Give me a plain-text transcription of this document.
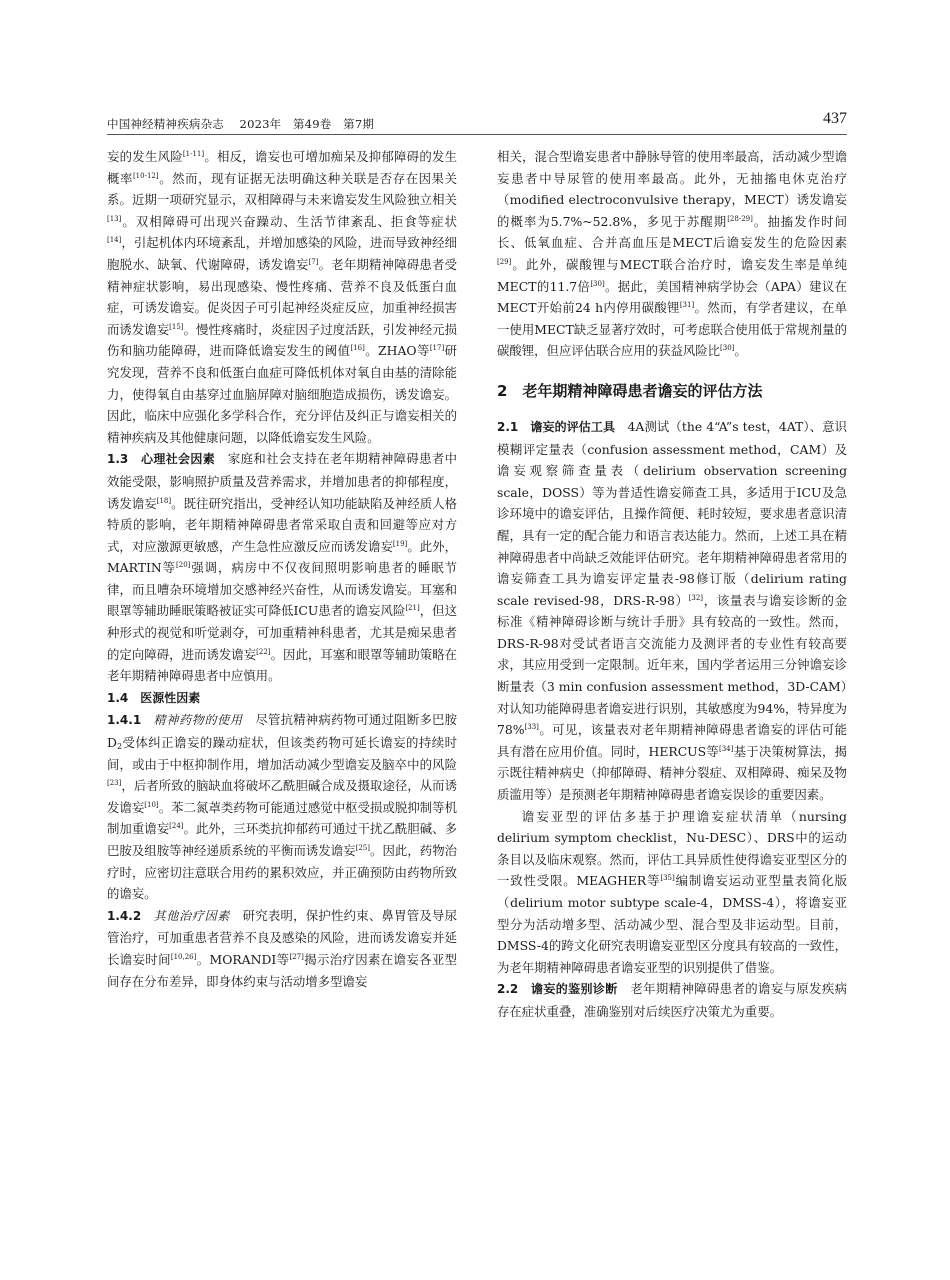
中国神经精神疾病杂志　 2023年　第49卷　第7期	437

妄的发生风险[1-11]。相反，谵妄也可增加痴呆及抑郁障碍的发生概率[10-12]。然而，现有证据无法明确这种关联是否存在因果关系。近期一项研究显示，双相障碍与未来谵妄发生风险独立相关[13]。双相障碍可出现兴奋躁动、生活节律紊乱、拒食等症状[14]，引起机体内环境紊乱，并增加感染的风险，进而导致神经细胞脱水、缺氧、代谢障碍，诱发谵妄[7]。老年期精神障碍患者受精神症状影响，易出现感染、慢性疼痛、营养不良及低蛋白血症，可诱发谵妄。促炎因子可引起神经炎症反应，加重神经损害而诱发谵妄[15]。慢性疼痛时，炎症因子过度活跃，引发神经元损伤和脑功能障碍，进而降低谵妄发生的阈值[16]。ZHAO等[17]研究发现，营养不良和低蛋白血症可降低机体对氧自由基的清除能力，使得氧自由基穿过血脑屏障对脑细胞造成损伤，诱发谵妄。因此，临床中应强化多学科合作，充分评估及纠正与谵妄相关的精神疾病及其他健康问题，以降低谵妄发生风险。

1.3　心理社会因素　家庭和社会支持在老年期精神障碍患者中效能受限，影响照护质量及营养需求，并增加患者的抑郁程度，诱发谵妄[18]。既往研究指出，受神经认知功能缺陷及神经质人格特质的影响，老年期精神障碍患者常采取自责和回避等应对方式，对应激源更敏感，产生急性应激反应而诱发谵妄[19]。此外，MARTIN等[20]强调，病房中不仅夜间照明影响患者的睡眠节律，而且嘈杂环境增加交感神经兴奋性，从而诱发谵妄。耳塞和眼罩等辅助睡眠策略被证实可降低ICU患者的谵妄风险[21]，但这种形式的视觉和听觉剥夺，可加重精神科患者，尤其是痴呆患者的定向障碍，进而诱发谵妄[22]。因此，耳塞和眼罩等辅助策略在老年期精神障碍患者中应慎用。

1.4　医源性因素

1.4.1　精神药物的使用　尽管抗精神病药物可通过阻断多巴胺$D_2$受体纠正谵妄的躁动症状，但该类药物可延长谵妄的持续时间，或由于中枢抑制作用，增加活动减少型谵妄及脑卒中的风险[23]，后者所致的脑缺血将破坏乙酰胆碱合成及摄取途径，从而诱发谵妄[10]。苯二氮䓬类药物可能通过感觉中枢受损或脱抑制等机制加重谵妄[24]。此外，三环类抗抑郁药可通过干扰乙酰胆碱、多巴胺及组胺等神经递质系统的平衡而诱发谵妄[25]。因此，药物治疗时，应密切注意联合用药的累积效应，并正确预防由药物所致的谵妄。

1.4.2　其他治疗因素　研究表明，保护性约束、鼻胃管及导尿管治疗，可加重患者营养不良及感染的风险，进而诱发谵妄并延长谵妄时间[10,26]。MORANDI等[27]揭示治疗因素在谵妄各亚型间存在分布差异，即身体约束与活动增多型谵妄

相关，混合型谵妄患者中静脉导管的使用率最高，活动减少型谵妄患者中导尿管的使用率最高。此外，无抽搐电休克治疗（modified electroconvulsive therapy，MECT）诱发谵妄的概率为5.7%~52.8%，多见于苏醒期[28-29]。抽搐发作时间长、低氧血症、合并高血压是MECT后谵妄发生的危险因素[29]。此外，碳酸锂与MECT联合治疗时，谵妄发生率是单纯MECT的11.7倍[30]。据此，美国精神病学协会（APA）建议在MECT开始前24 h内停用碳酸锂[31]。然而，有学者建议，在单一使用MECT缺乏显著疗效时，可考虑联合使用低于常规剂量的碳酸锂，但应评估联合应用的获益风险比[30]。

2　老年期精神障碍患者谵妄的评估方法

2.1　谵妄的评估工具　4A测试（the 4“A”s test，4AT）、意识模糊评定量表（confusion assessment method，CAM）及谵妄观察筛查量表（delirium observation screening scale，DOSS）等为普适性谵妄筛查工具，多适用于ICU及急诊环境中的谵妄评估，且操作简便、耗时较短，要求患者意识清醒，具有一定的配合能力和语言表达能力。然而，上述工具在精神障碍患者中尚缺乏效能评估研究。老年期精神障碍患者常用的谵妄筛查工具为谵妄评定量表-98修订版（delirium rating scale revised-98，DRS-R-98）[32]，该量表与谵妄诊断的金标准《精神障碍诊断与统计手册》具有较高的一致性。然而，DRS-R-98对受试者语言交流能力及测评者的专业性有较高要求，其应用受到一定限制。近年来，国内学者运用三分钟谵妄诊断量表（3 min confusion assessment method，3D-CAM）对认知功能障碍患者谵妄进行识别，其敏感度为94%，特异度为78%[33]。可见，该量表对老年期精神障碍患者谵妄的评估可能具有潜在应用价值。同时，HERCUS等[34]基于决策树算法，揭示既往精神病史（抑郁障碍、精神分裂症、双相障碍、痴呆及物质滥用等）是预测老年期精神障碍患者谵妄误诊的重要因素。

谵妄亚型的评估多基于护理谵妄症状清单（nursing delirium symptom checklist，Nu-DESC）、DRS中的运动条目以及临床观察。然而，评估工具异质性使得谵妄亚型区分的一致性受限。MEAGHER等[35]编制谵妄运动亚型量表简化版（delirium motor subtype scale-4，DMSS-4），将谵妄亚型分为活动增多型、活动减少型、混合型及非运动型。目前，DMSS-4的跨文化研究表明谵妄亚型区分度具有较高的一致性，为老年期精神障碍患者谵妄亚型的识别提供了借鉴。

2.2　谵妄的鉴别诊断　老年期精神障碍患者的谵妄与原发疾病存在症状重叠，准确鉴别对后续医疗决策尤为重要。
